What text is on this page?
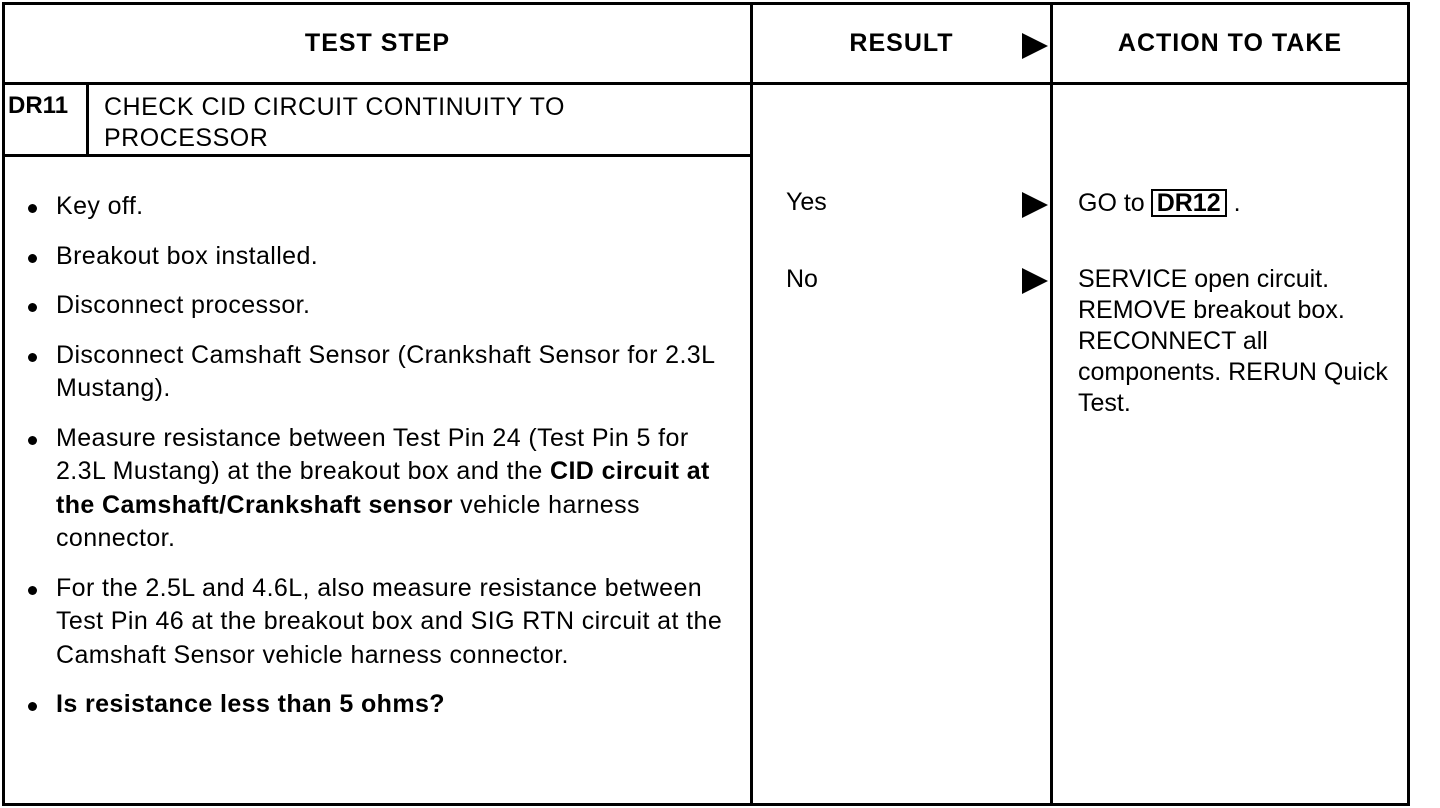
TEST STEP	RESULT	ACTION TO TAKE
DR11 CHECK CID CIRCUIT CONTINUITY TO PROCESSOR
Key off.
Breakout box installed.
Disconnect processor.
Disconnect Camshaft Sensor (Crankshaft Sensor for 2.3L Mustang).
Measure resistance between Test Pin 24 (Test Pin 5 for 2.3L Mustang) at the breakout box and the CID circuit at the Camshaft/Crankshaft sensor vehicle harness connector.
For the 2.5L and 4.6L, also measure resistance between Test Pin 46 at the breakout box and SIG RTN circuit at the Camshaft Sensor vehicle harness connector.
Is resistance less than 5 ohms?
Yes
No
GO to DR12 .
SERVICE open circuit. REMOVE breakout box. RECONNECT all components. RERUN Quick Test.
